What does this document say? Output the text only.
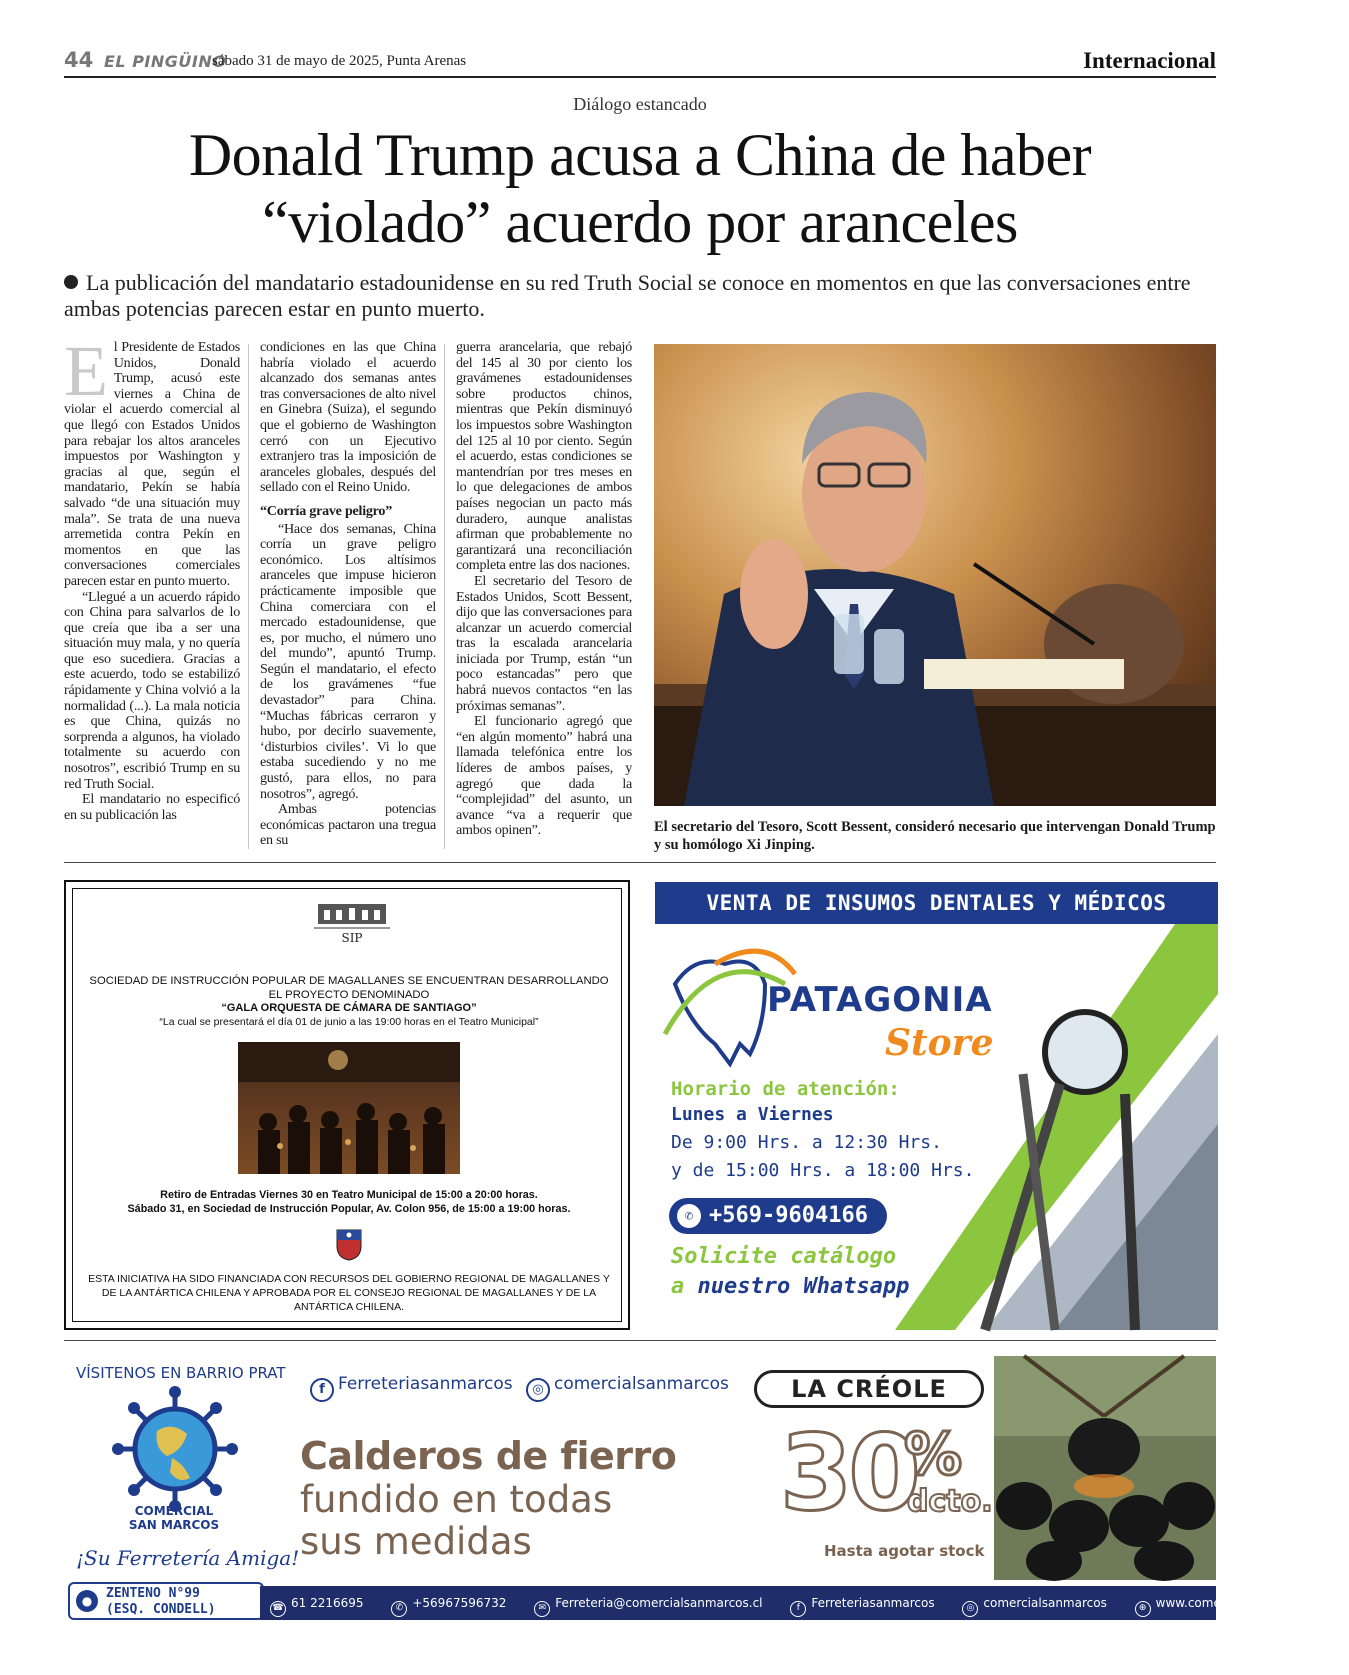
44 EL PINGÜINO
sábado 31 de mayo de 2025, Punta Arenas	Internacional
Diálogo estancado
Donald Trump acusa a China de haber
“violado” acuerdo por aranceles
La publicación del mandatario estadounidense en su red Truth Social se conoce en momentos en que las conversaciones entre ambas potencias parecen estar en punto muerto.
E l Presidente de Estados Unidos, Donald Trump, acusó este viernes a China de violar el acuerdo comercial al que llegó con Estados Unidos para rebajar los altos aranceles impuestos por Washington y gracias al que, según el mandatario, Pekín se había salvado “de una situación muy mala”. Se trata de una nueva arremetida contra Pekín en momentos en que las conversaciones comerciales parecen estar en punto muerto.

“Llegué a un acuerdo rápido con China para salvarlos de lo que creía que iba a ser una situación muy mala, y no quería que eso sucediera. Gracias a este acuerdo, todo se estabilizó rápidamente y China volvió a la normalidad (...). La mala noticia es que China, quizás no sorprenda a algunos, ha violado totalmente su acuerdo con nosotros”, escribió Trump en su red Truth Social.

El mandatario no especificó en su publicación las

condiciones en las que China habría violado el acuerdo alcanzado dos semanas antes tras conversaciones de alto nivel en Ginebra (Suiza), el segundo que el gobierno de Washington cerró con un Ejecutivo extranjero tras la imposición de aranceles globales, después del sellado con el Reino Unido.

“Corría grave peligro”

“Hace dos semanas, China corría un grave peligro económico. Los altísimos aranceles que impuse hicieron prácticamente imposible que China comerciara con el mercado estadounidense, que es, por mucho, el número uno del mundo”, apuntó Trump. Según el mandatario, el efecto de los gravámenes “fue devastador” para China. “Muchas fábricas cerraron y hubo, por decirlo suavemente, ‘disturbios civiles’. Vi lo que estaba sucediendo y no me gustó, para ellos, no para nosotros”, agregó.

Ambas potencias económicas pactaron una tregua en su

guerra arancelaria, que rebajó del 145 al 30 por ciento los gravámenes estadounidenses sobre productos chinos, mientras que Pekín disminuyó los impuestos sobre Washington del 125 al 10 por ciento. Según el acuerdo, estas condiciones se mantendrían por tres meses en lo que delegaciones de ambos países negocian un pacto más duradero, aunque analistas afirman que probablemente no garantizará una reconciliación completa entre las dos naciones.

El secretario del Tesoro de Estados Unidos, Scott Bessent, dijo que las conversaciones para alcanzar un acuerdo comercial tras la escalada arancelaria iniciada por Trump, están “un poco estancadas” pero que habrá nuevos contactos “en las próximas semanas”.

El funcionario agregó que “en algún momento” habrá una llamada telefónica entre los líderes de ambos países, y agregó que dada la “complejidad” del asunto, un avance “va a requerir que ambos opinen”.	El secretario del Tesoro, Scott Bessent, consideró necesario que intervengan Donald Trump y su homólogo Xi Jinping.
SIP
SOCIEDAD DE INSTRUCCIÓN POPULAR DE MAGALLANES SE ENCUENTRAN DESARROLLANDO EL PROYECTO DENOMINADO
“GALA ORQUESTA DE CÁMARA DE SANTIAGO”
“La cual se presentará el día 01 de junio a las 19:00 horas en el Teatro Municipal”
Retiro de Entradas Viernes 30 en Teatro Municipal de 15:00 a 20:00 horas.
Sábado 31, en Sociedad de Instrucción Popular, Av. Colon 956, de 15:00 a 19:00 horas.
ESTA INICIATIVA HA SIDO FINANCIADA CON RECURSOS DEL GOBIERNO REGIONAL DE MAGALLANES Y DE LA ANTÁRTICA CHILENA Y APROBADA POR EL CONSEJO REGIONAL DE MAGALLANES Y DE LA ANTÁRTICA CHILENA.
VENTA DE INSUMOS DENTALES Y MÉDICOS
PATAGONIA
Store
Horario de atención:
Lunes a Viernes
De 9:00 Hrs. a 12:30 Hrs.
y de 15:00 Hrs. a 18:00 Hrs.
✆ +569-9604166
Solicite catálogo
a nuestro Whatsapp
VÍSITENOS EN BARRIO PRAT
COMERCIAL
SAN MARCOS
¡Su Ferretería Amiga!
●	ZENTENO N°99
(ESQ. CONDELL)
f Ferreteriasanmarcos	◎ comercialsanmarcos	LA CRÉOLE
Calderos de fierro
fundido en todas
sus medidas
30
%
dcto.
Hasta agotar stock
☎ 61 2216695	✆ +56967596732	✉ Ferreteria@comercialsanmarcos.cl	f Ferreteriasanmarcos	◎ comercialsanmarcos	⊕ www.comercialsanmarcos.cl
